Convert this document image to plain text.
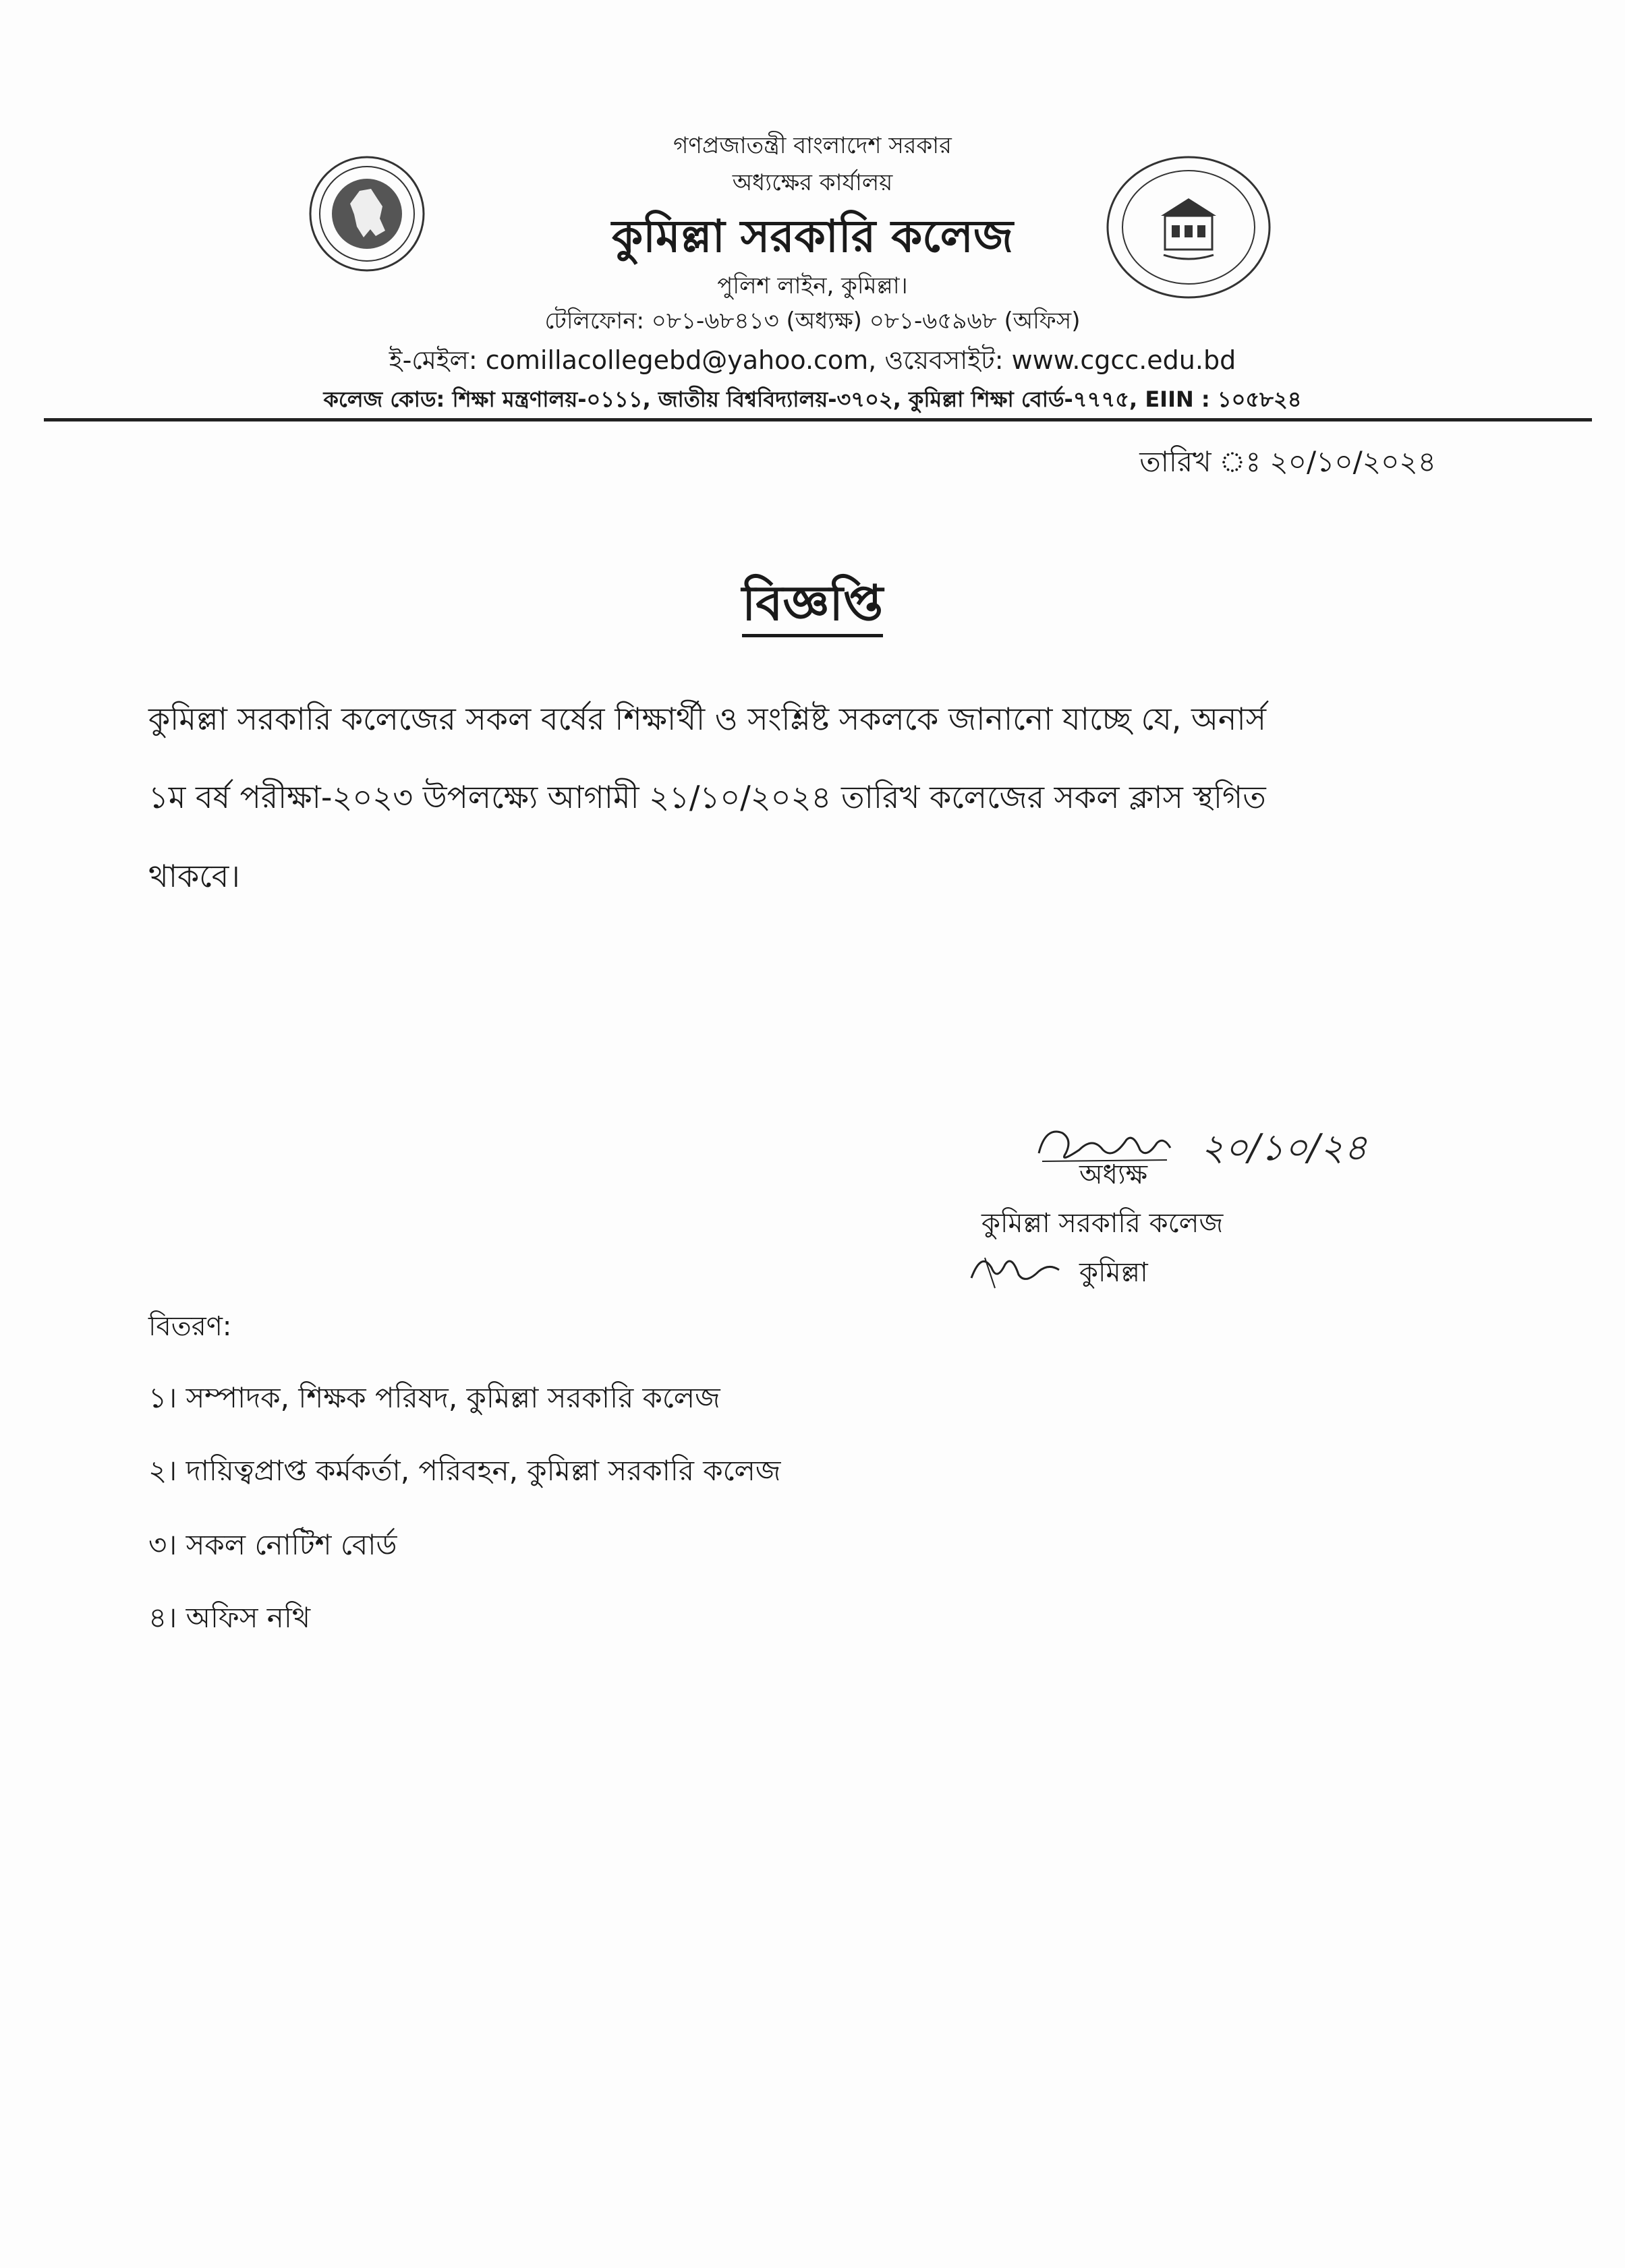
গণপ্রজাতন্ত্রী বাংলাদেশ সরকার
অধ্যক্ষের কার্যালয়
কুমিল্লা সরকারি কলেজ
পুলিশ লাইন, কুমিল্লা।
টেলিফোন: ০৮১-৬৮৪১৩ (অধ্যক্ষ) ০৮১-৬৫৯৬৮ (অফিস)
ই-মেইল: comillacollegebd@yahoo.com, ওয়েবসাইট: www.cgcc.edu.bd
কলেজ কোড: শিক্ষা মন্ত্রণালয়-০১১১, জাতীয় বিশ্ববিদ্যালয়-৩৭০২, কুমিল্লা শিক্ষা বোর্ড-৭৭৭৫, EIIN : ১০৫৮২৪
তারিখ ঃ ২০/১০/২০২৪
বিজ্ঞপ্তি
কুমিল্লা সরকারি কলেজের সকল বর্ষের শিক্ষার্থী ও সংশ্লিষ্ট সকলকে জানানো যাচ্ছে যে, অনার্স
১ম বর্ষ পরীক্ষা-২০২৩ উপলক্ষ্যে আগামী ২১/১০/২০২৪ তারিখ কলেজের সকল ক্লাস স্থগিত
থাকবে।
২০/১০/২৪
অধ্যক্ষ
কুমিল্লা সরকারি কলেজ
কুমিল্লা
বিতরণ:
১। সম্পাদক, শিক্ষক পরিষদ, কুমিল্লা সরকারি কলেজ
২। দায়িত্বপ্রাপ্ত কর্মকর্তা, পরিবহন, কুমিল্লা সরকারি কলেজ
৩। সকল নোটিশ বোর্ড
৪। অফিস নথি
